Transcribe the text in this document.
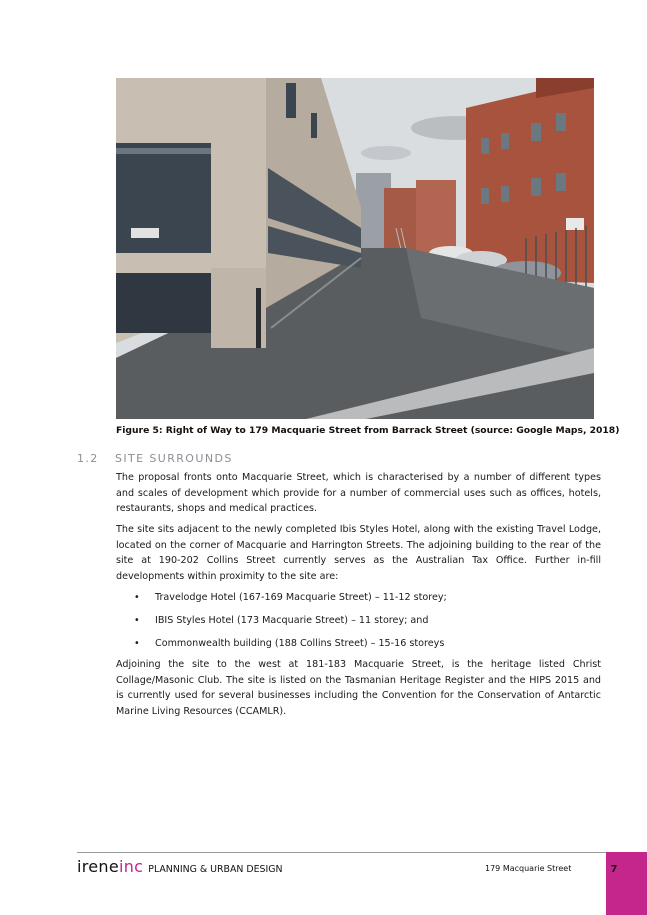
Figure 5: Right of Way to 179 Macquarie Street from Barrack Street (source: Google Maps, 2018)
1.2 SITE SURROUNDS

The proposal fronts onto Macquarie Street, which is characterised by a number of different types and scales of development which provide for a number of commercial uses such as offices, hotels, restaurants, shops and medical practices.

The site sits adjacent to the newly completed Ibis Styles Hotel, along with the existing Travel Lodge, located on the corner of Macquarie and Harrington Streets. The adjoining building to the rear of the site at 190-202 Collins Street currently serves as the Australian Tax Office. Further in-fill developments within proximity to the site are:

• Travelodge Hotel (167-169 Macquarie Street) – 11-12 storey;
• IBIS Styles Hotel (173 Macquarie Street) – 11 storey; and
• Commonwealth building (188 Collins Street) – 15-16 storeys

Adjoining the site to the west at 181-183 Macquarie Street, is the heritage listed Christ Collage/Masonic Club. The site is listed on the Tasmanian Heritage Register and the HIPS 2015 and is currently used for several businesses including the Convention for the Conservation of Antarctic Marine Living Resources (CCAMLR).

ireneinc PLANNING & URBAN DESIGN	179 Macquarie Street	7
